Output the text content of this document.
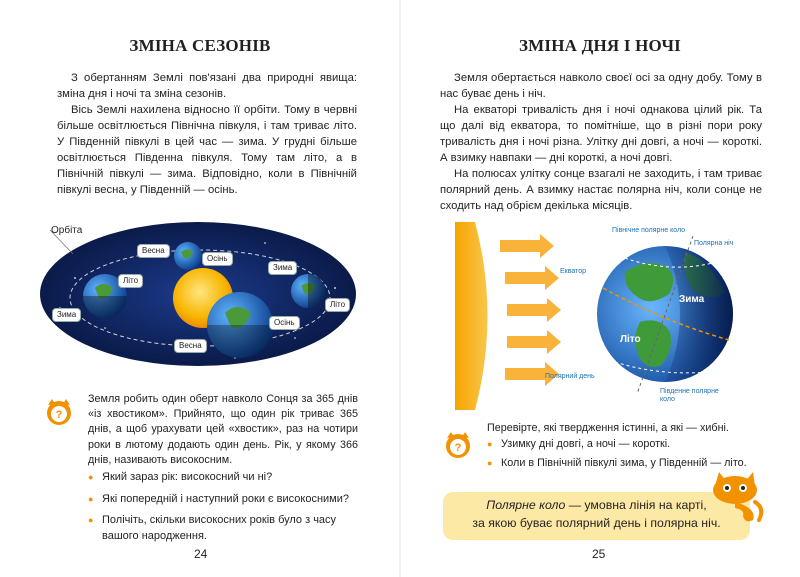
ЗМІНА СЕЗОНІВ

З обертанням Землі пов'язані два природні явища: зміна дня і ночі та зміна сезонів.

Вісь Землі нахилена відносно її орбіти. Тому в червні більше освітлюється Північна півкуля, і там триває літо. У Південній півкулі в цей час — зима. У грудні більше освітлюється Південна півкуля. Тому там літо, а в Північній півкулі — зима. Відповідно, коли в Північній півкулі весна, у Південній — осінь.

Орбіта
Весна
Осінь
Літо
Зима
Зима
Літо
Осінь
Весна
?

Земля робить один оберт навколо Сонця за 365 днів «із хвостиком». Прийнято, що один рік триває 365 днів, а щоб урахувати цей «хвостик», раз на чотири роки в лютому додають один день. Рік, у якому 366 днів, називають високосним.

● Який зараз рік: високосний чи ні?
● Які попередній і наступний роки є високосними?
● Полічіть, скільки високосних років було з часу вашого народження.
24
ЗМІНА ДНЯ І НОЧІ

Земля обертається навколо своєї осі за одну добу. Тому в нас буває день і ніч.

На екваторі тривалість дня і ночі однакова цілий рік. Та що далі від екватора, то помітніше, що в різні пори року тривалість дня і ночі різна. Улітку дні довгі, а ночі — короткі. А взимку навпаки — дні короткі, а ночі довгі.

На полюсах улітку сонце взагалі не заходить, і там триває полярний день. А взимку настає полярна ніч, коли сонце не сходить над обрієм декілька місяців.

Північне полярне коло
Полярна ніч
Екватор
Зима
Літо
Полярний день
Південне полярне коло
?

Перевірте, які твердження істинні, а які — хибні.

● Узимку дні довгі, а ночі — короткі.
● Коли в Північній півкулі зима, у Південній — літо.
Полярне коло — умовна лінія на карті,
за якою буває полярний день і полярна ніч.
25
